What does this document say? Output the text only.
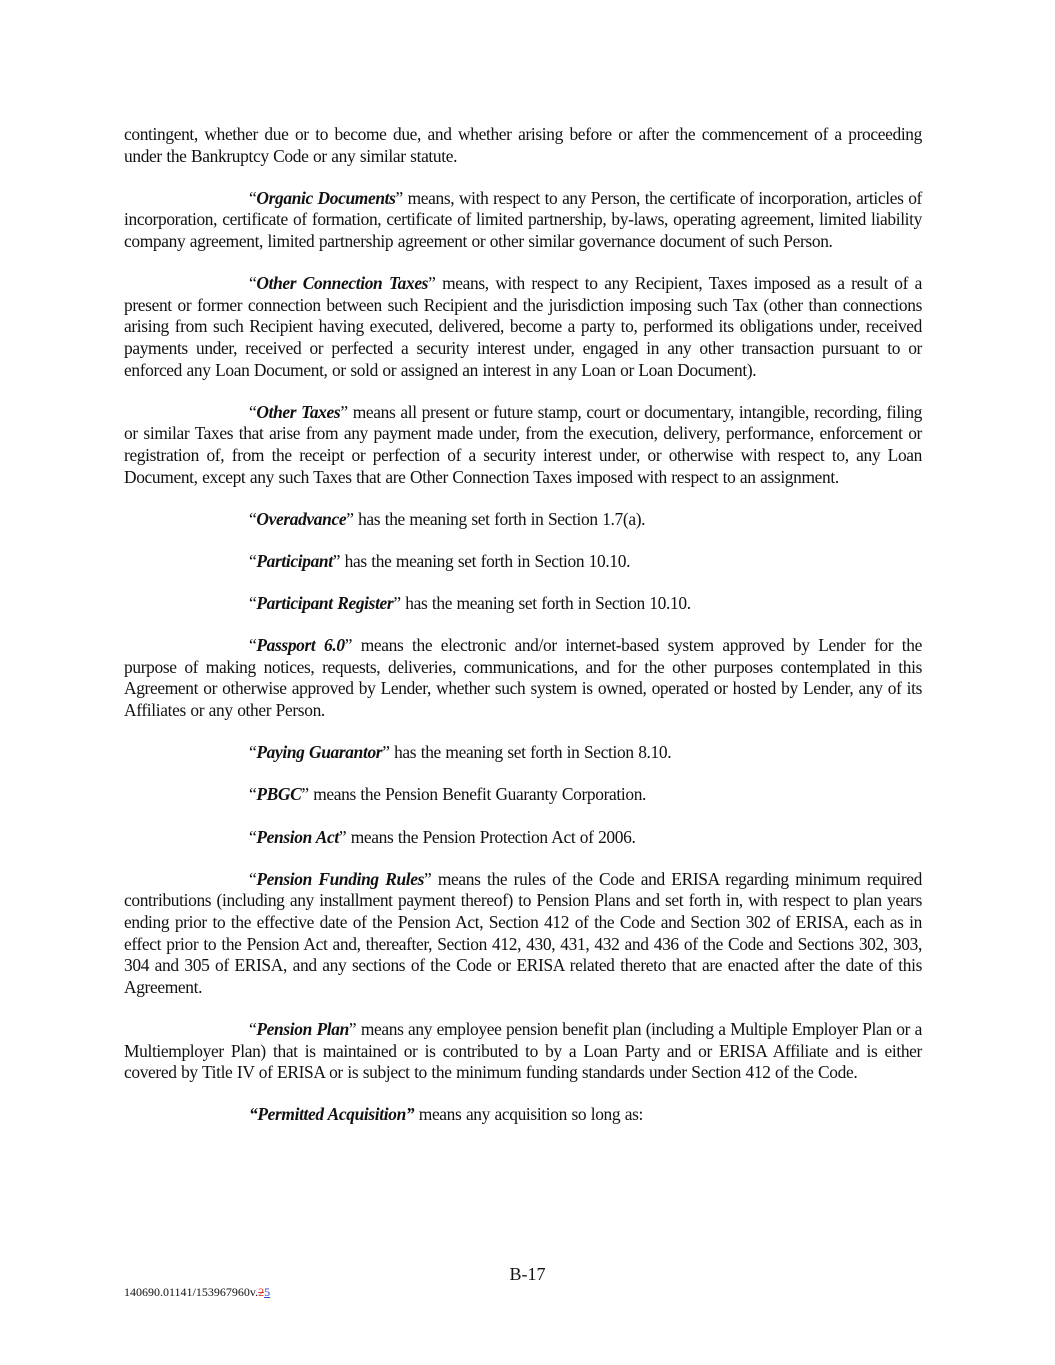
contingent, whether due or to become due, and whether arising before or after the commencement of a proceeding under the Bankruptcy Code or any similar statute.

“Organic Documents” means, with respect to any Person, the certificate of incorporation, articles of incorporation, certificate of formation, certificate of limited partnership, by-laws, operating agreement, limited liability company agreement, limited partnership agreement or other similar governance document of such Person.

“Other Connection Taxes” means, with respect to any Recipient, Taxes imposed as a result of a present or former connection between such Recipient and the jurisdiction imposing such Tax (other than connections arising from such Recipient having executed, delivered, become a party to, performed its obligations under, received payments under, received or perfected a security interest under, engaged in any other transaction pursuant to or enforced any Loan Document, or sold or assigned an interest in any Loan or Loan Document).

“Other Taxes” means all present or future stamp, court or documentary, intangible, recording, filing or similar Taxes that arise from any payment made under, from the execution, delivery, performance, enforcement or registration of, from the receipt or perfection of a security interest under, or otherwise with respect to, any Loan Document, except any such Taxes that are Other Connection Taxes imposed with respect to an assignment.

“Overadvance” has the meaning set forth in Section 1.7(a).

“Participant” has the meaning set forth in Section 10.10.

“Participant Register” has the meaning set forth in Section 10.10.

“Passport 6.0” means the electronic and/or internet-based system approved by Lender for the purpose of making notices, requests, deliveries, communications, and for the other purposes contemplated in this Agreement or otherwise approved by Lender, whether such system is owned, operated or hosted by Lender, any of its Affiliates or any other Person.

“Paying Guarantor” has the meaning set forth in Section 8.10.

“PBGC” means the Pension Benefit Guaranty Corporation.

“Pension Act” means the Pension Protection Act of 2006.

“Pension Funding Rules” means the rules of the Code and ERISA regarding minimum required contributions (including any installment payment thereof) to Pension Plans and set forth in, with respect to plan years ending prior to the effective date of the Pension Act, Section 412 of the Code and Section 302 of ERISA, each as in effect prior to the Pension Act and, thereafter, Section 412, 430, 431, 432 and 436 of the Code and Sections 302, 303, 304 and 305 of ERISA, and any sections of the Code or ERISA related thereto that are enacted after the date of this Agreement.

“Pension Plan” means any employee pension benefit plan (including a Multiple Employer Plan or a Multiemployer Plan) that is maintained or is contributed to by a Loan Party and or ERISA Affiliate and is either covered by Title IV of ERISA or is subject to the minimum funding standards under Section 412 of the Code.

“Permitted Acquisition” means any acquisition so long as:

B-17
140690.01141/153967960v.25
